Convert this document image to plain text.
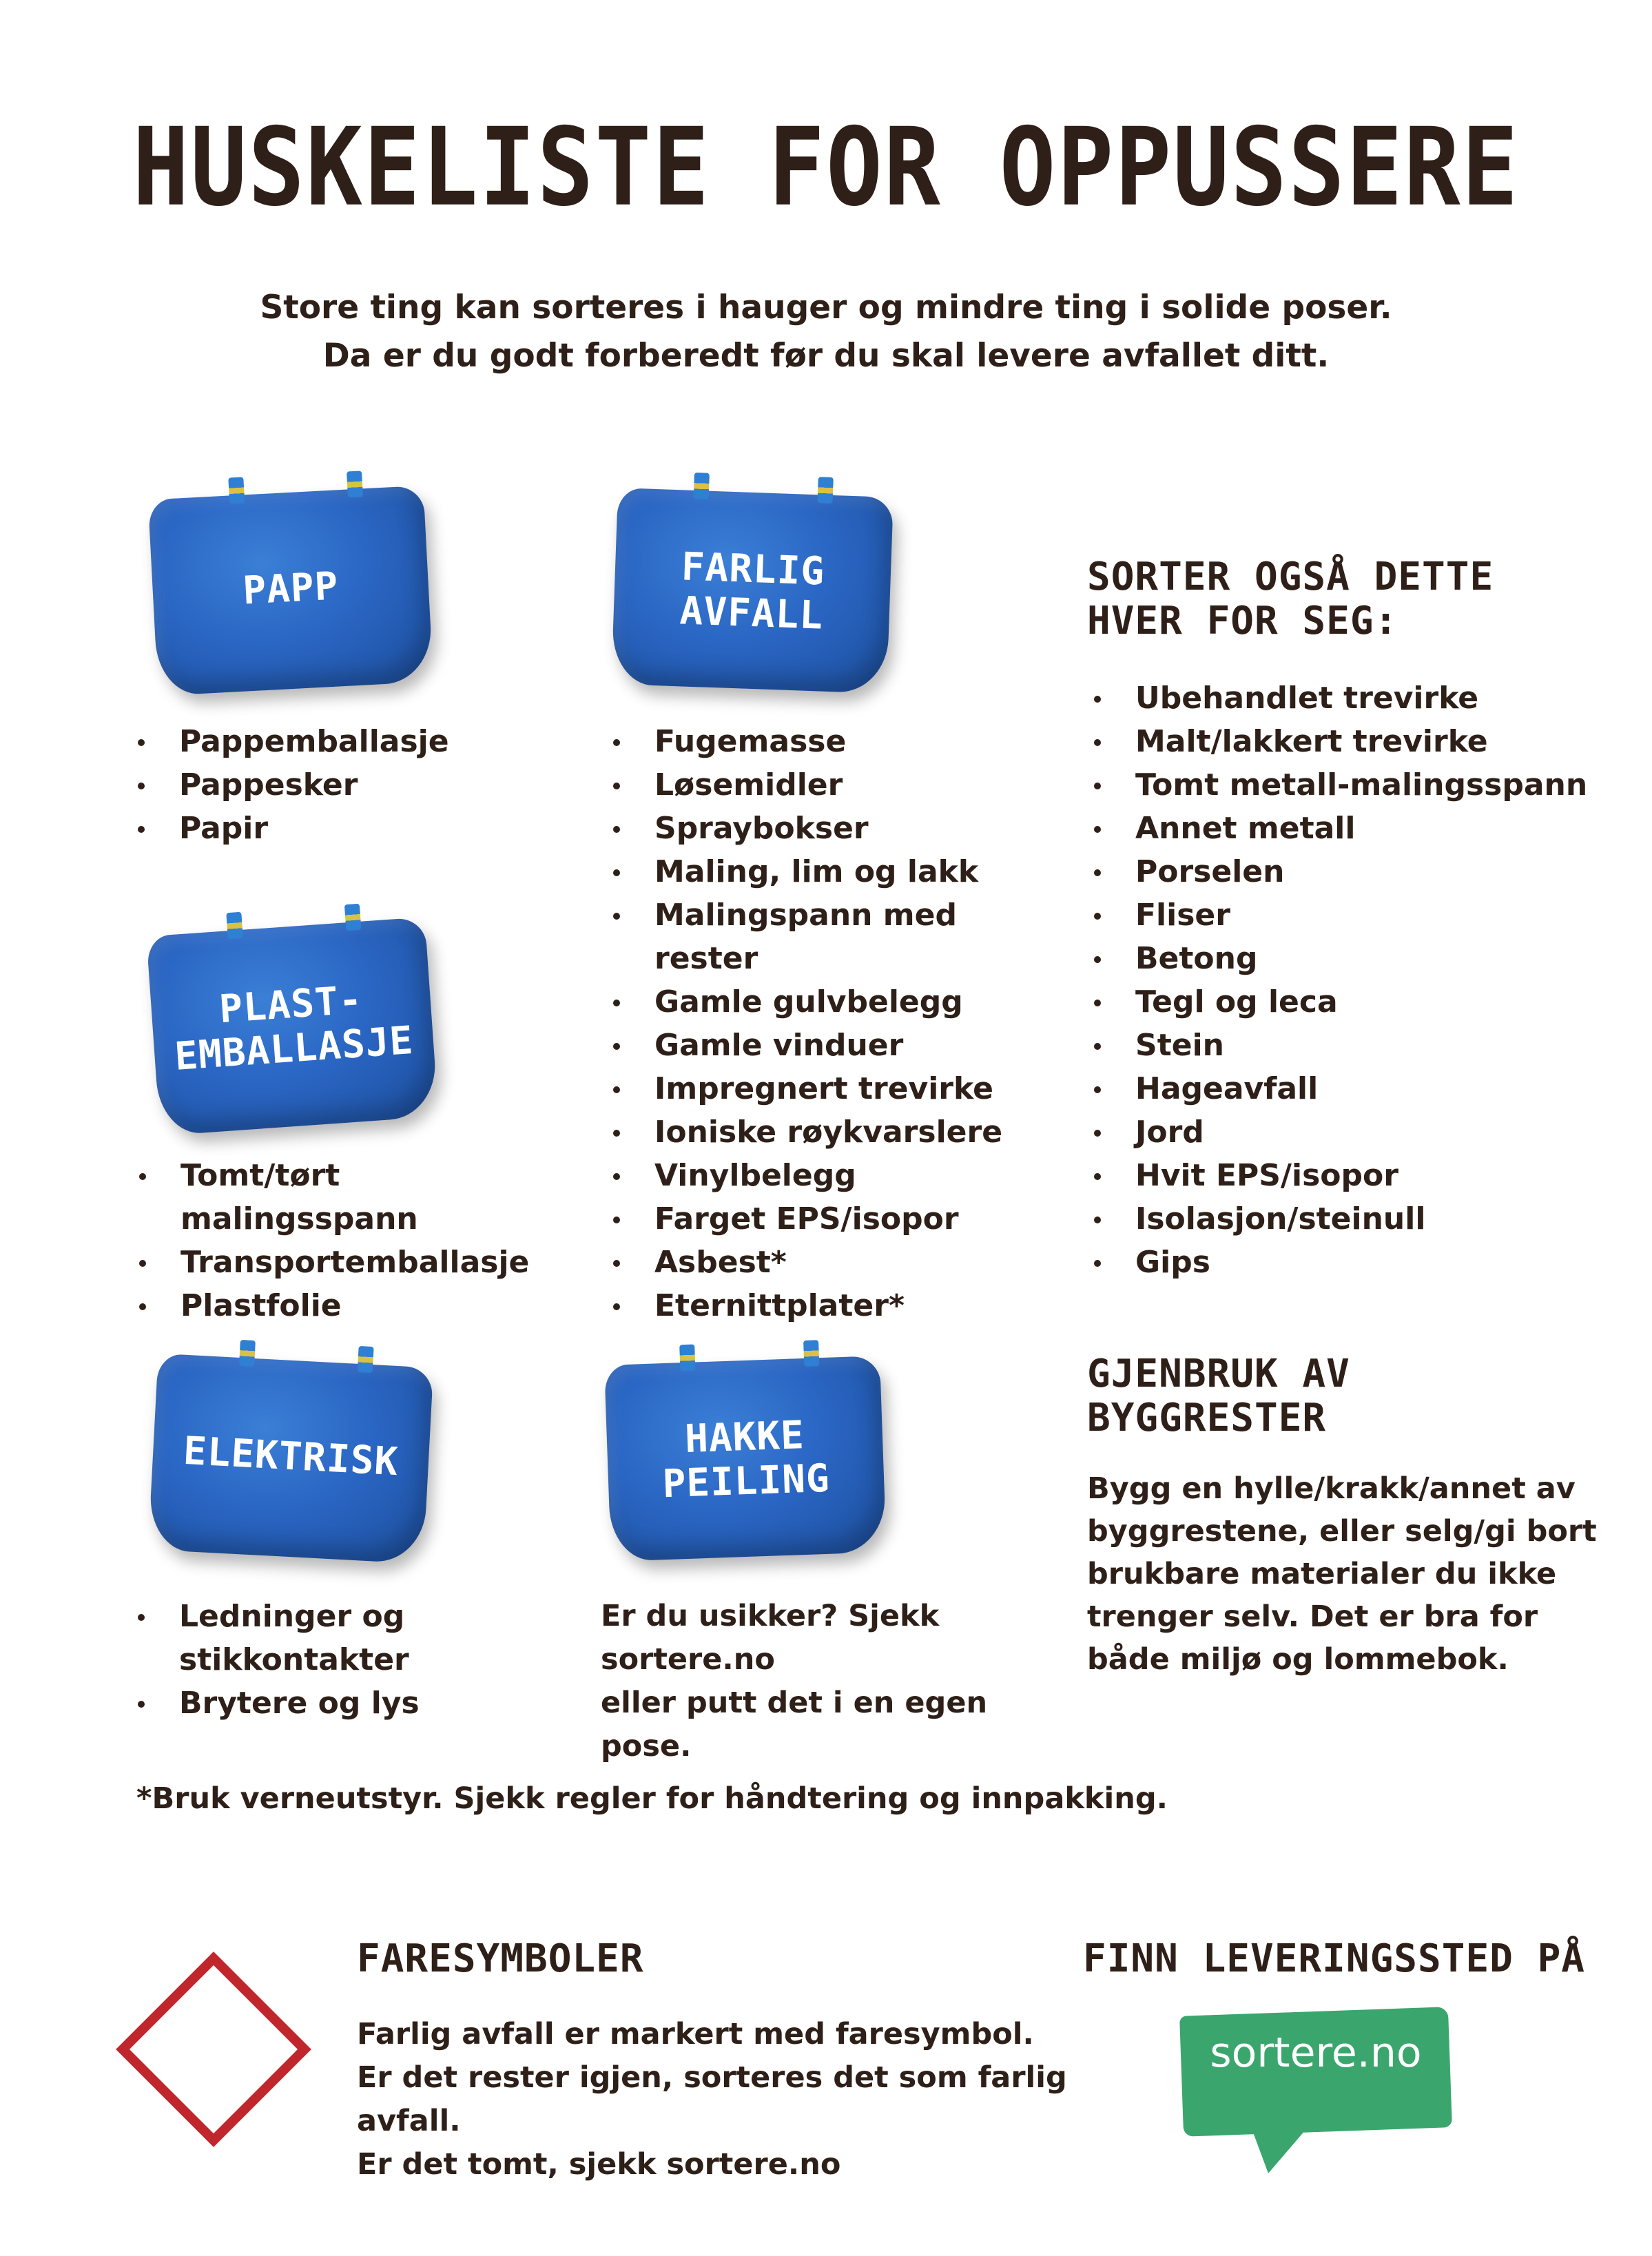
HUSKELISTE FOR OPPUSSERE
Store ting kan sorteres i hauger og mindre ting i solide poser.
Da er du godt forberedt før du skal levere avfallet ditt.
PAPP
Pappemballasje
Pappesker
Papir
FARLIG
AVFALL
Fugemasse
Løsemidler
Spraybokser
Maling, lim og lakk
Malingspann med rester
Gamle gulvbelegg
Gamle vinduer
Impregnert trevirke
Ioniske røykvarslere
Vinylbelegg
Farget EPS/isopor
Asbest*
Eternittplater*
SORTER OGSÅ DETTE
HVER FOR SEG:
Ubehandlet trevirke
Malt/lakkert trevirke
Tomt metall-malingsspann
Annet metall
Porselen
Fliser
Betong
Tegl og leca
Stein
Hageavfall
Jord
Hvit EPS/isopor
Isolasjon/steinull
Gips
PLAST-
EMBALLASJE
Tomt/tørt malingsspann
Transportemballasje
Plastfolie
ELEKTRISK
Ledninger og stikkontakter
Brytere og lys
HAKKE
PEILING
Er du usikker? Sjekk sortere.no
eller putt det i en egen pose.
GJENBRUK AV
BYGGRESTER
Bygg en hylle/krakk/annet av
byggrestene, eller selg/gi bort
brukbare materialer du ikke
trenger selv. Det er bra for
både miljø og lommebok.
*Bruk verneutstyr. Sjekk regler for håndtering og innpakking.
FARESYMBOLER
Farlig avfall er markert med faresymbol.
Er det rester igjen, sorteres det som farlig avfall.
Er det tomt, sjekk sortere.no
FINN LEVERINGSSTED PÅ
sortere.no
